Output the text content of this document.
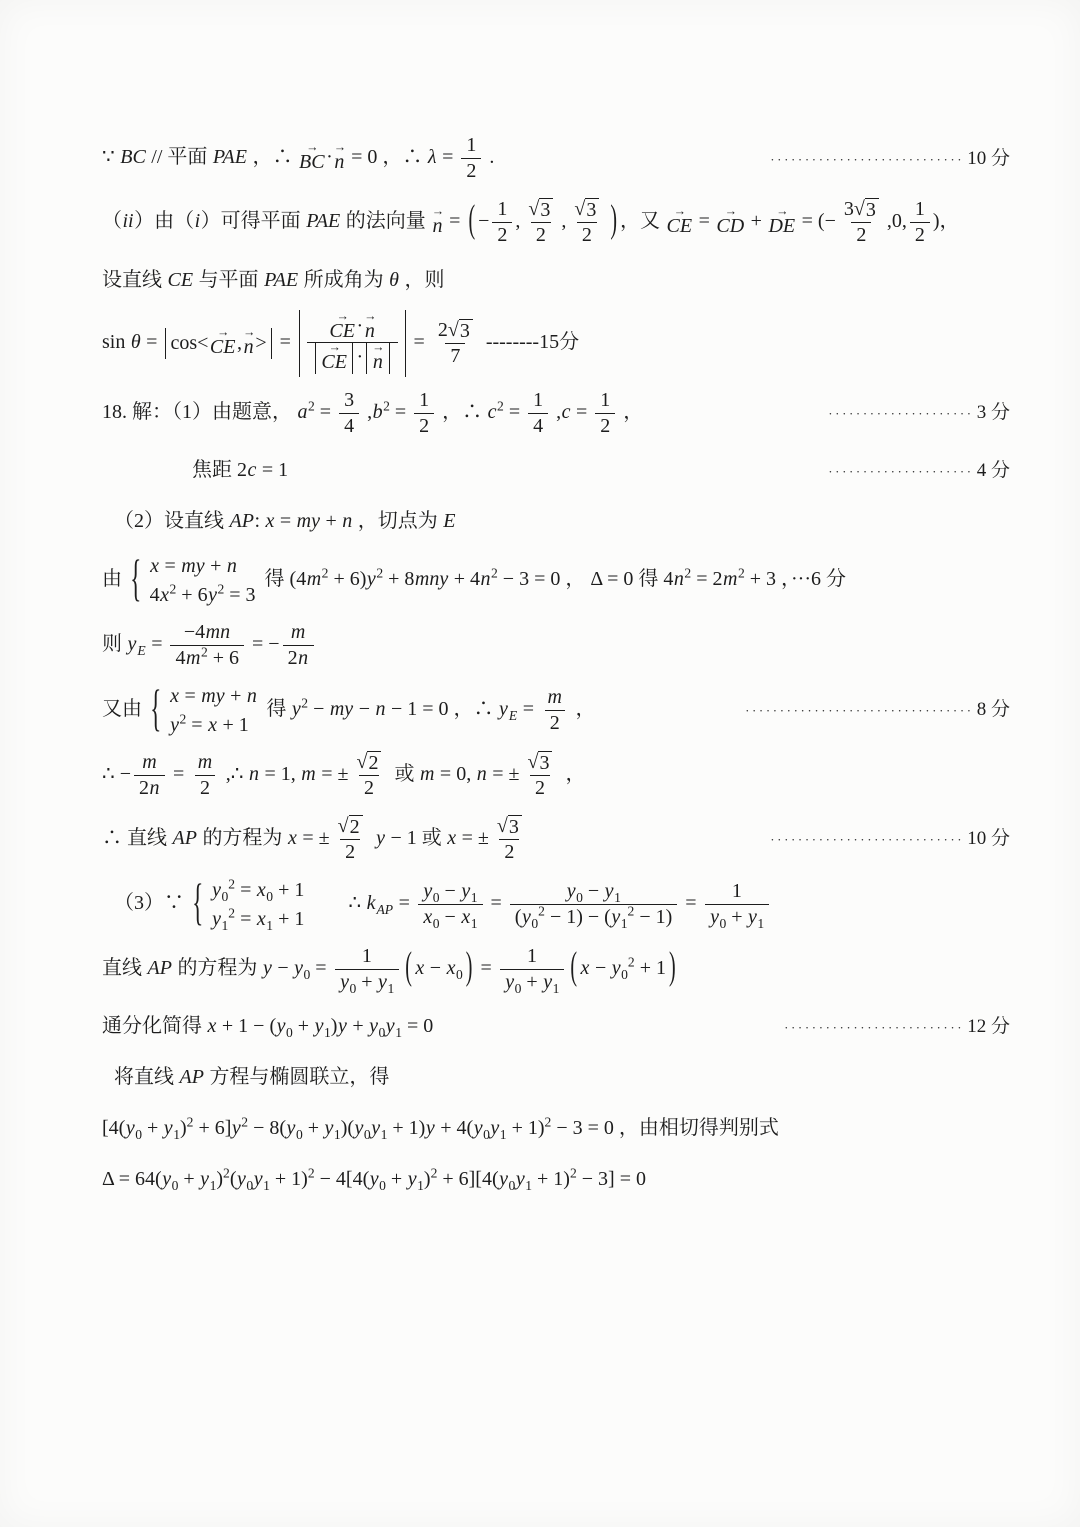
∵ BC // 平面 PAE ，∴ →
BC · →
n = 0 ，∴ $\lambda = \frac{1}{2}$ .	···························· 10 分
（ii）由（i）可得平面 PAE 的法向量 →
n = ( − $\frac{1}{2}$ , $\frac{√ 3}{2}$ , $\frac{√ 3}{2}$ ) ，又 →
CE = →
CD + →
DE = (− $\frac{3 √ 3}{2} ,0$, $\frac{1}{2}$ )，
设直线 CE 与平面 PAE 所成角为 θ ，则
sin θ = cos< →
CE , →
n > = →
CE · →
n
→
CE · →
$n = \frac{2 √ 3}{7} --------15$分
18. 解：（1）由题意， $a^2 = \frac{3}{4} ,b^2 = \frac{1}{2}$ ，∴ $c^2 = \frac{1}{4} ,c = \frac{1}{2}$ ，	····················· 3 分
焦距 2c = 1	····················· 4 分
（2）设直线 AP: x = my + n ，切点为 E
由 { x = my + n
$4x^2 + 6y^2 = 3$
得 $(4m^2 + 6)y^2 + 8mny + 4n^2 - 3 = 0$ ， Δ = 0 得 $4n^2 = 2m^2 + 3$ ，···6 分
则 $y_E = \frac{-4mn}{4m^2 + 6}$ = − $\frac{m}{2n}$
又由 { x = my + n
$y^2 = x + 1$
得 $y^2$ − my − n − 1 = 0 ，∴ $y_E = \frac{m}{2}$ ，	································· 8 分
∴ − $\frac{m}{2n} = \frac{m}{2}$ ,∴ n = 1, m = ± $\frac{√ 2}{2}$ 或 m = 0, n = ± $\frac{√ 3}{2}$ ，
∴ 直线 AP 的方程为 x = ± $\frac{√ 2}{2}$ y − 1 或 x = ± $\frac{√ 3}{2}$	···························· 10 分
（3）∵ { $y_0^2 = x_0 + 1$
$y_1^2 = x_1 + 1$
  ∴ $k_{AP} = \frac{y_0 - y_1}{x_0 - x_1} = \frac{y_0 - y_1}{(y_0^2 - 1) - (y_1^2 - 1)} = \frac{1}{y_0 + y_1}$
直线 AP 的方程为 $y - y_0 = \frac{1}{y_0 + y_1}$ ( $x - x_0$ ) = $\frac{1}{y_0 + y_1}$ ( $x - y_0^2 + 1$ )
通分化简得 $x + 1 - (y_0 + y_1)y + y_0y_1 = 0$	·························· 12 分
将直线 AP 方程与椭圆联立，得
$[4(y_0 + y_1)^2 + 6]y^2 - 8(y_0 + y_1)(y_0y_1 + 1)y + 4(y_0y_1 + 1)^2 - 3 = 0$ ，由相切得判别式
$\Delta = 64(y_0 + y_1)^2(y_0y_1 + 1)^2 - 4[4(y_0 + y_1)^2 + 6][4(y_0y_1 + 1)^2 - 3] = 0$
